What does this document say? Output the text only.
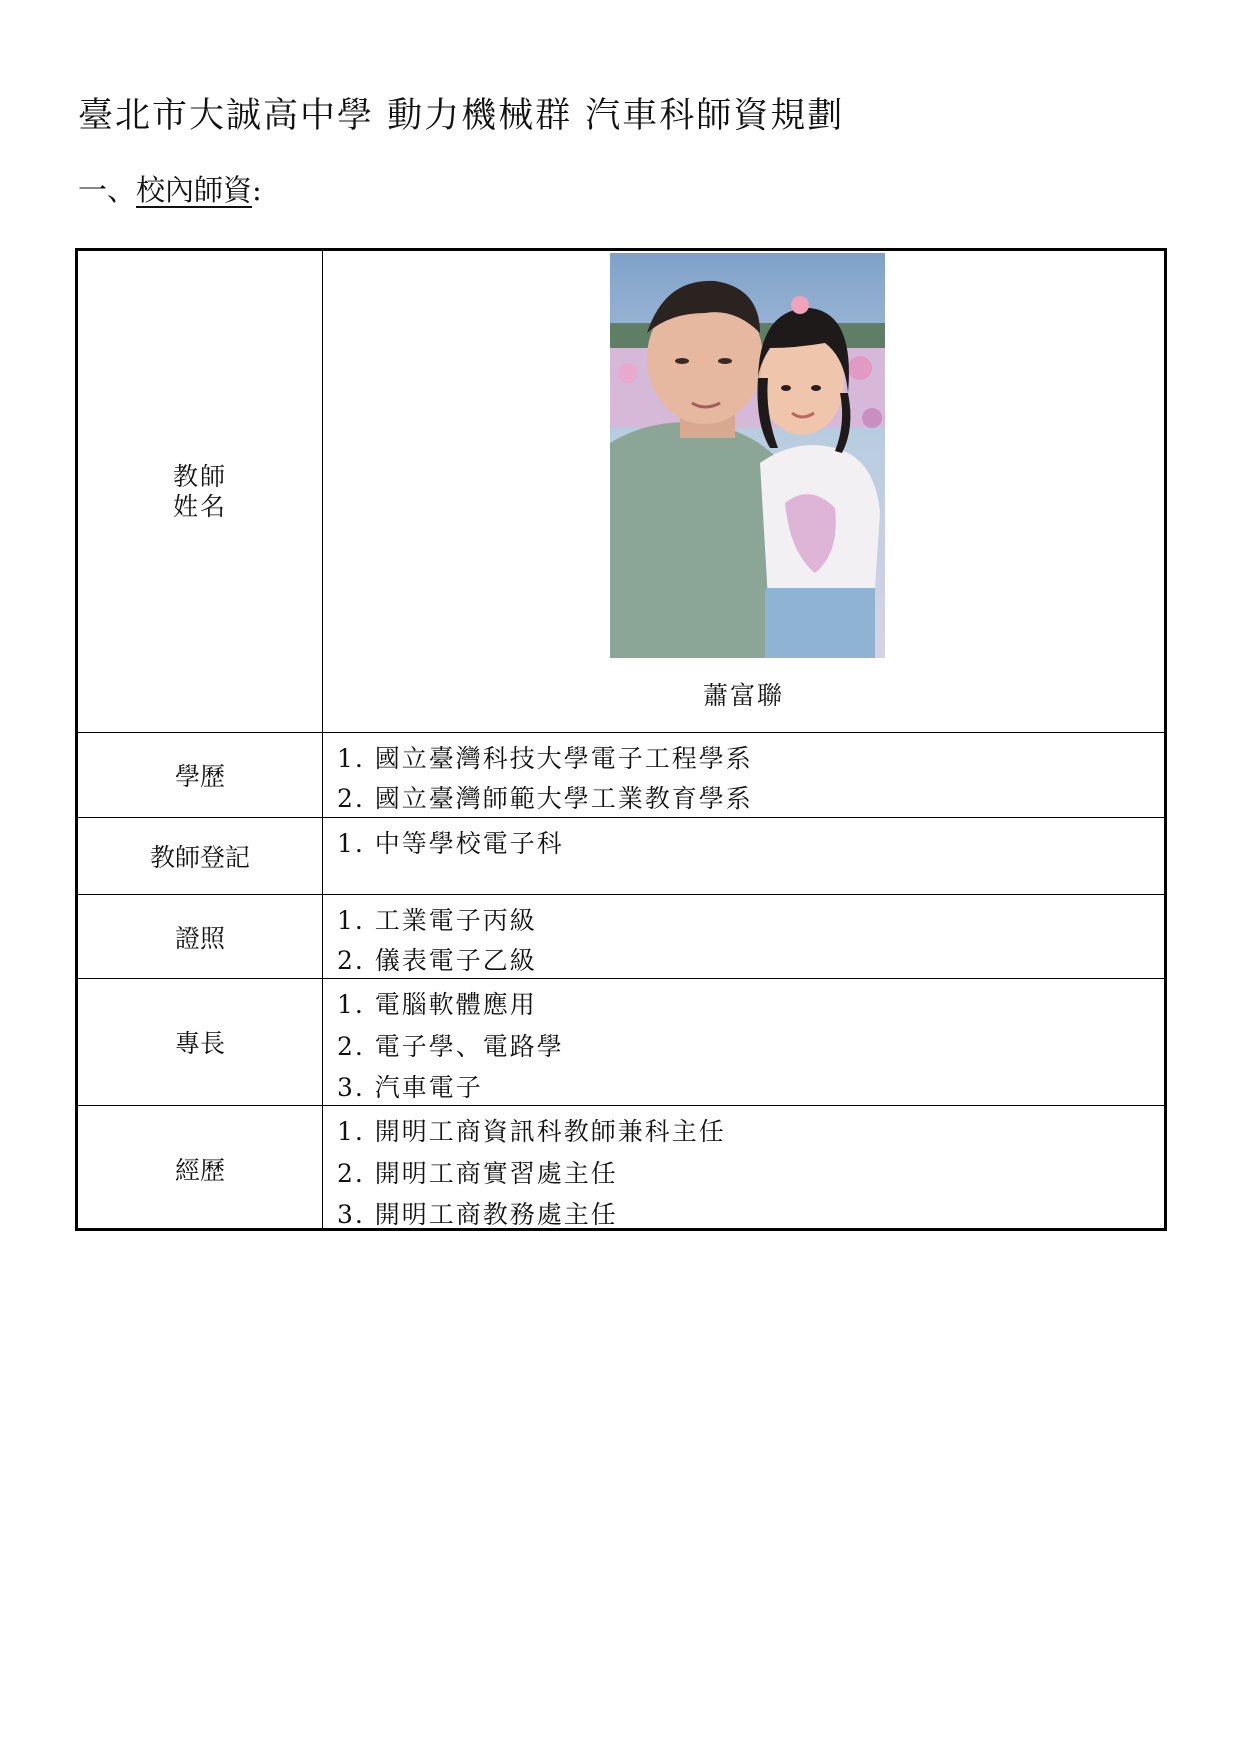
臺北市大誠高中學 動力機械群 汽車科師資規劃
一、校內師資:
教師
姓名
蕭富聯
學歷
1. 國立臺灣科技大學電子工程學系
2. 國立臺灣師範大學工業教育學系
教師登記	1. 中等學校電子科
證照
1. 工業電子丙級
2. 儀表電子乙級
專長
1. 電腦軟體應用
2. 電子學、電路學
3. 汽車電子
經歷
1. 開明工商資訊科教師兼科主任
2. 開明工商實習處主任
3. 開明工商教務處主任
